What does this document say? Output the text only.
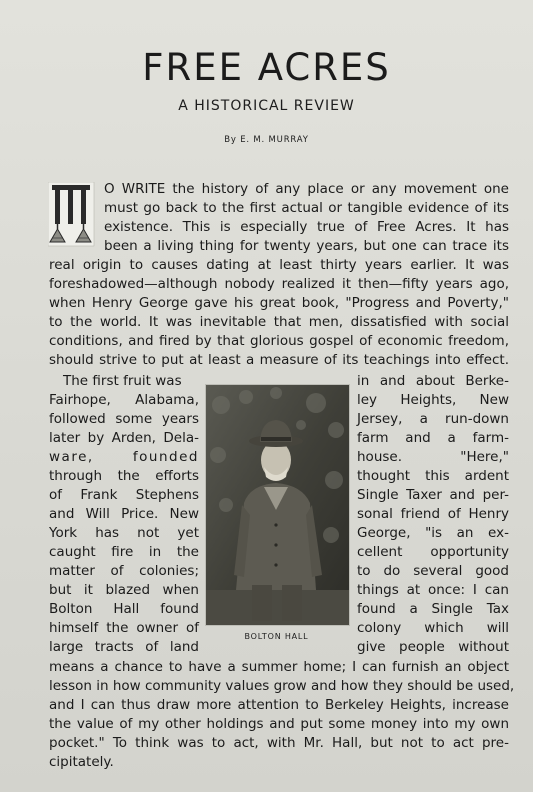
FREE ACRES
A HISTORICAL REVIEW
By E. M. MURRAY
O WRITE the history of any place or any movement one
must go back to the first actual or tangible evidence of its
existence. This is especially true of Free Acres. It has
been a living thing for twenty years, but one can trace its
real origin to causes dating at least thirty years earlier. It was
foreshadowed—although nobody realized it then—fifty years ago,
when Henry George gave his great book, "Progress and Poverty,"
to the world. It was inevitable that men, dissatisfied with social
conditions, and fired by that glorious gospel of economic freedom,
should strive to put at least a measure of its teachings into effect.
The first fruit was
Fairhope, Alabama,
followed some years
later by Arden, Dela-
ware, founded
through the efforts
of Frank Stephens
and Will Price. New
York has not yet
caught fire in the
matter of colonies;
but it blazed when
Bolton Hall found
himself the owner of
large tracts of land
BOLTON HALL
in and about Berke-
ley Heights, New
Jersey, a run-down
farm and a farm-
house. "Here,"
thought this ardent
Single Taxer and per-
sonal friend of Henry
George, "is an ex-
cellent opportunity
to do several good
things at once: I can
found a Single Tax
colony which will
give people without
means a chance to have a summer home; I can furnish an object
lesson in how community values grow and how they should be used,
and I can thus draw more attention to Berkeley Heights, increase
the value of my other holdings and put some money into my own
pocket." To think was to act, with Mr. Hall, but not to act pre-
cipitately.
